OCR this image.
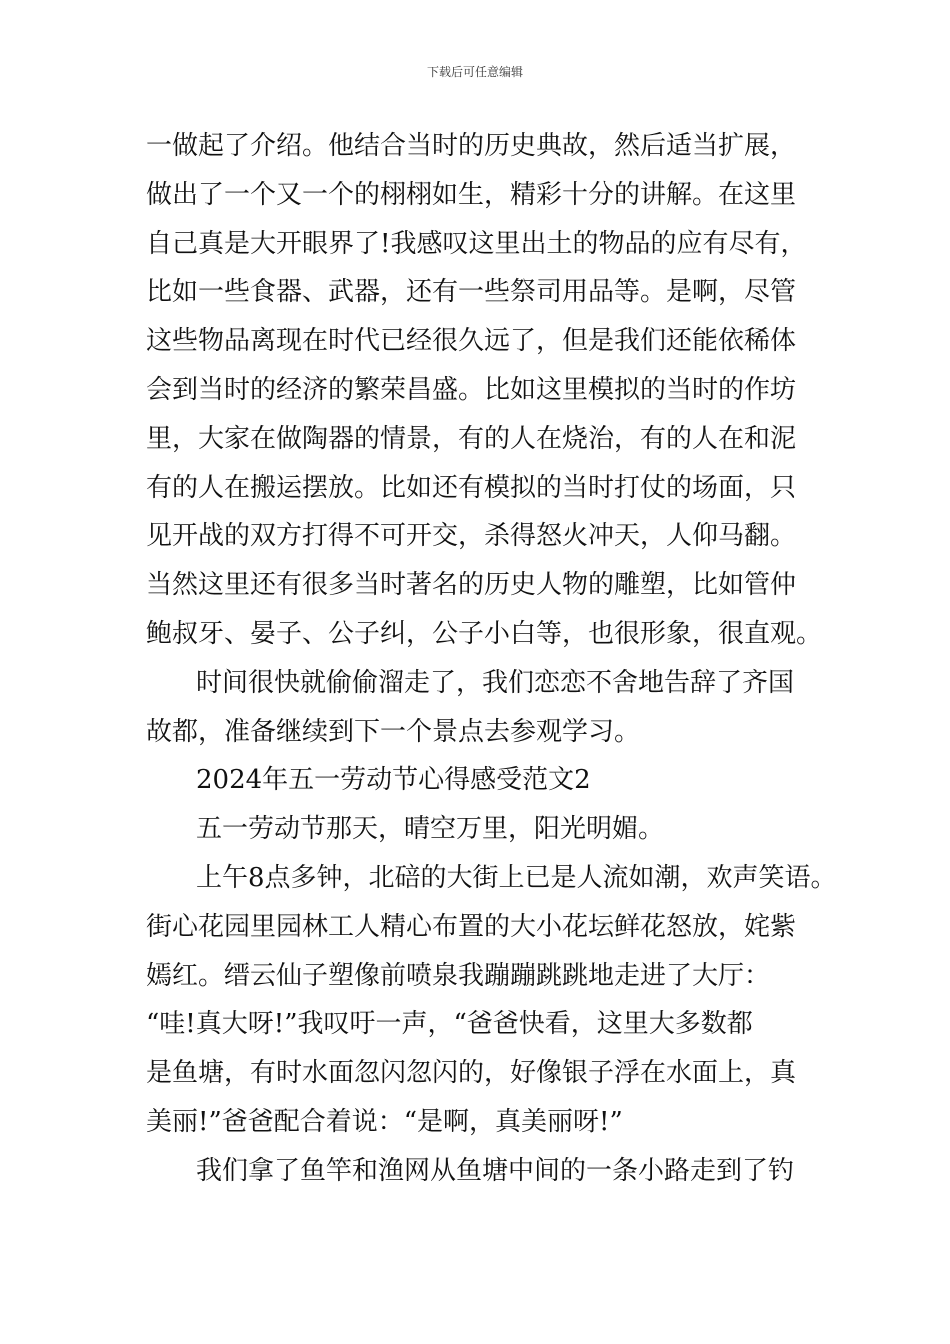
下载后可任意编辑
一做起了介绍。他结合当时的历史典故，然后适当扩展，
做出了一个又一个的栩栩如生，精彩十分的讲解。在这里
自己真是大开眼界了!我感叹这里出土的物品的应有尽有，
比如一些食器、武器，还有一些祭司用品等。是啊，尽管
这些物品离现在时代已经很久远了，但是我们还能依稀体
会到当时的经济的繁荣昌盛。比如这里模拟的当时的作坊
里，大家在做陶器的情景，有的人在烧治，有的人在和泥
有的人在搬运摆放。比如还有模拟的当时打仗的场面，只
见开战的双方打得不可开交，杀得怒火冲天，人仰马翻。
当然这里还有很多当时著名的历史人物的雕塑，比如管仲
鲍叔牙、晏子、公子纠，公子小白等，也很形象，很直观。
时间很快就偷偷溜走了，我们恋恋不舍地告辞了齐国
故都，准备继续到下一个景点去参观学习。
2024年五一劳动节心得感受范文2
五一劳动节那天，晴空万里，阳光明媚。
上午8点多钟，北碚的大街上已是人流如潮，欢声笑语。
街心花园里园林工人精心布置的大小花坛鲜花怒放，姹紫
嫣红。缙云仙子塑像前喷泉我蹦蹦跳跳地走进了大厅：
“哇!真大呀!”我叹吁一声，“爸爸快看，这里大多数都
是鱼塘，有时水面忽闪忽闪的，好像银子浮在水面上，真
美丽!”爸爸配合着说：“是啊，真美丽呀!”
我们拿了鱼竿和渔网从鱼塘中间的一条小路走到了钓
